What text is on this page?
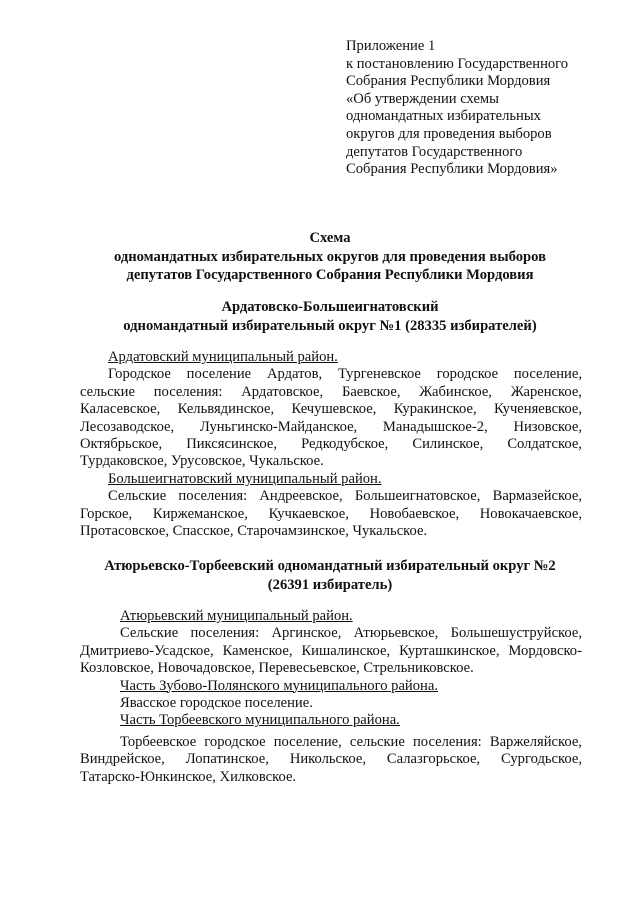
Приложение 1
к постановлению Государственного
Собрания Республики Мордовия
«Об утверждении схемы
одномандатных избирательных
округов для проведения выборов
депутатов Государственного
Собрания Республики Мордовия»
Схема
одномандатных избирательных округов для проведения выборов
депутатов Государственного Собрания Республики Мордовия
Ардатовско-Большеигнатовский
одномандатный избирательный округ №1 (28335 избирателей)
Ардатовский муниципальный район.
Городское поселение Ардатов, Тургеневское городское поселение,
сельские поселения: Ардатовское, Баевское, Жабинское, Жаренское,
Каласевское, Кельвядинское, Кечушевское, Куракинское, Кученяевское,
Лесозаводское, Луньгинско-Майданское, Манадышское-2, Низовское,
Октябрьское, Пиксясинское, Редкодубское, Силинское, Солдатское,
Турдаковское, Урусовское, Чукальское.
Большеигнатовский муниципальный район.
Сельские поселения: Андреевское, Большеигнатовское, Вармазейское,
Горское, Киржеманское, Кучкаевское, Новобаевское, Новокачаевское,
Протасовское, Спасское, Старочамзинское, Чукальское.
Атюрьевско-Торбеевский одномандатный избирательный округ №2
(26391 избиратель)
Атюрьевский муниципальный район.
Сельские поселения: Аргинское, Атюрьевское, Большешуструйское,
Дмитриево-Усадское, Каменское, Кишалинское, Курташкинское, Мордовско-
Козловское, Новочадовское, Перевесьевское, Стрельниковское.
Часть Зубово-Полянского муниципального района.
Явасское городское поселение.
Часть Торбеевского муниципального района.
Торбеевское городское поселение, сельские поселения: Варжеляйское,
Виндрейское, Лопатинское, Никольское, Салазгорьское, Сургодьское,
Татарско-Юнкинское, Хилковское.
